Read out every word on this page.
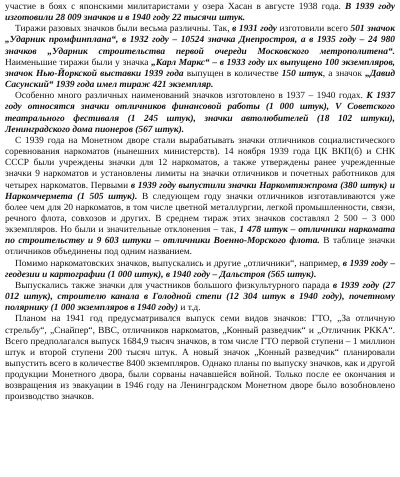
участие в боях с японскими милитаристами у озера Хасан в августе 1938 года. В 1939 году изготовили 28 009 значков и в 1940 году 22 тысячи штук.

Тиражи разовых значков были весьма различны. Так, в 1931 году изготовили всего 501 значок „Ударник промфинплана“, в 1932 году – 10524 значка Днепростроя, а в 1935 году – 24 980 значков „Ударник строительства первой очереди Московского метрополитена“. Наименьшие тиражи были у значка „Карл Маркс“ – в 1933 году их выпущено 100 экземпляров, значок Нью-Йоркской выставки 1939 года выпущен в количестве 150 штук, а значок „Давид Сасунский“ 1939 года имел тираж 421 экземпляр.

Особенно много различных наименований значков изготовлено в 1937 – 1940 годах. К 1937 году относятся значки отличников финансовой работы (1 000 штук), V Советского театрального фестиваля (1 245 штук), значки автолюбителей (18 102 штуки), Ленинградского дома пионеров (567 штук).

С 1939 года на Монетном дворе стали вырабатывать значки отличников социалистического соревнования наркоматов (нынешних министерств). 14 ноября 1939 года ЦК ВКП(б) и СНК СССР были учреждены значки для 12 наркоматов, а также утверждены ранее учрежденные значки 9 наркоматов и установлены лимиты на значки отличников и почетных работников для четырех наркоматов. Первыми в 1939 году выпустили значки Наркомтяжпрома (380 штук) и Наркомчермета (1 505 штук). В следующем году значки отличников изготавливаются уже более чем для 20 наркоматов, в том числе цветной металлургии, легкой промышленности, связи, речного флота, совхозов и других. В среднем тираж этих значков составлял 2 500 – 3 000 экземпляров. Но были и значительные отклонения – так, 1 478 штук – отличники наркомата по строительству и 9 603 штуки – отличники Военно-Морского флота. В таблице значки отличников объединены под одним названием.

Помимо наркоматовских значков, выпускались и другие „отличники“, например, в 1939 году – геодезии и картографии (1 000 штук), в 1940 году – Дальстроя (565 штук).

Выпускались также значки для участников большого физкультурного парада в 1939 году (27 012 штук), строителю канала в Голодной степи (12 304 штук в 1940 году), почетному полярнику (1 000 экземпляров в 1940 году) и т.д.

Планом на 1941 год предусматривался выпуск семи видов значков: ГТО, „За отличную стрельбу“, „Снайпер“, ВВС, отличников наркоматов, „Конный разведчик“ и „Отличник РККА“. Всего предполагался выпуск 1684,9 тысяч значков, в том числе ГТО первой ступени – 1 миллион штук и второй ступени 200 тысяч штук. А новый значок „Конный разведчик“ планировали выпустить всего в количестве 8400 экземпляров. Однако планы по выпуску значков, как и другой продукции Монетного двора, были сорваны начавшейся войной. Только после ее окончания и возвращения из эвакуации в 1946 году на Ленинградском Монетном дворе было возобновлено производство значков.
